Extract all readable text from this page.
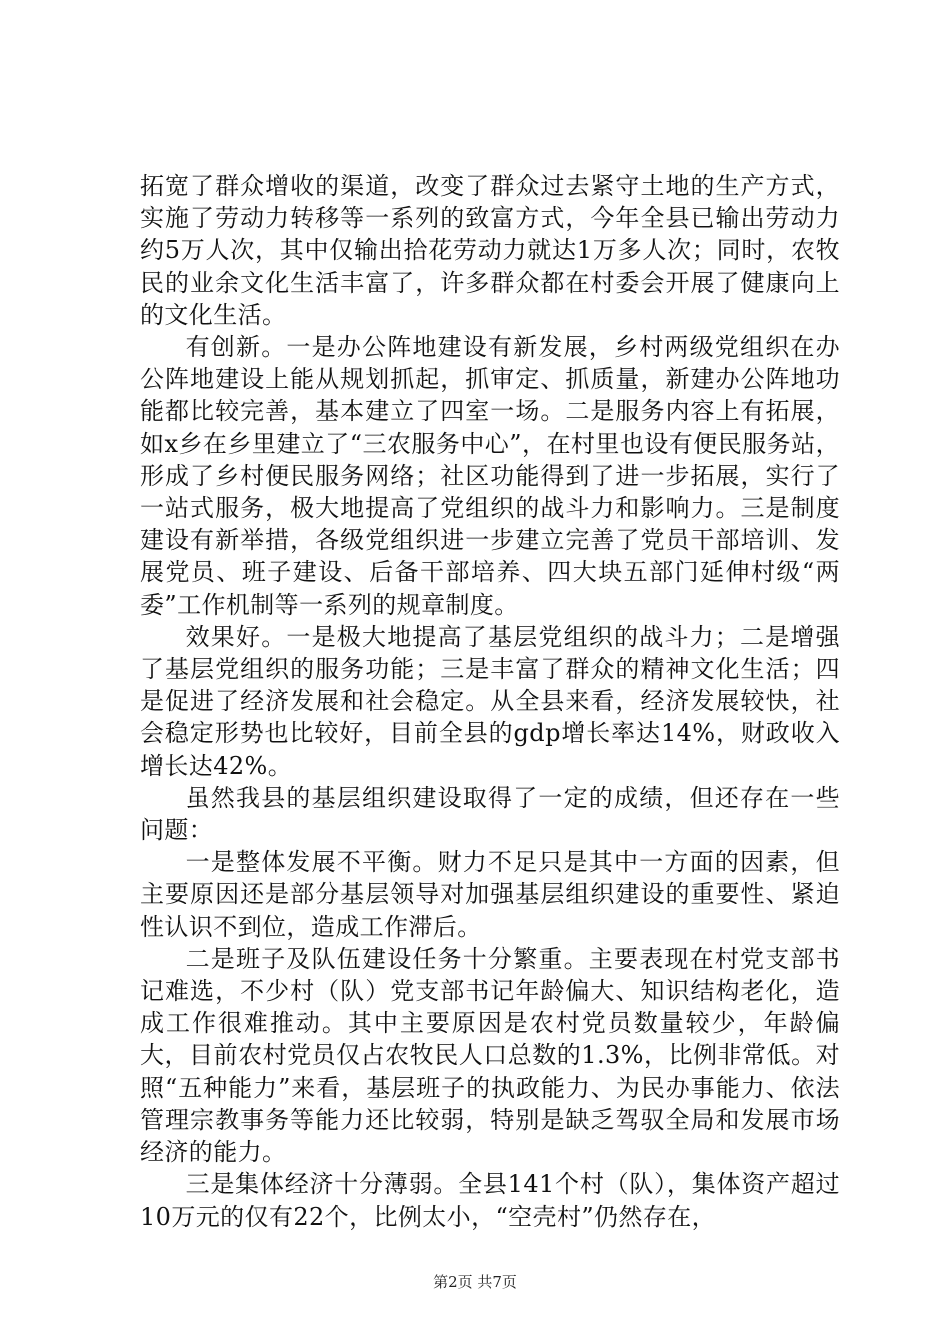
拓宽了群众增收的渠道，改变了群众过去紧守土地的生产方式，实施了劳动力转移等一系列的致富方式，今年全县已输出劳动力约5万人次，其中仅输出拾花劳动力就达1万多人次；同时，农牧民的业余文化生活丰富了，许多群众都在村委会开展了健康向上的文化生活。

有创新。一是办公阵地建设有新发展，乡村两级党组织在办公阵地建设上能从规划抓起，抓审定、抓质量，新建办公阵地功能都比较完善，基本建立了四室一场。二是服务内容上有拓展，如x乡在乡里建立了“三农服务中心”，在村里也设有便民服务站，形成了乡村便民服务网络；社区功能得到了进一步拓展，实行了一站式服务，极大地提高了党组织的战斗力和影响力。三是制度建设有新举措，各级党组织进一步建立完善了党员干部培训、发展党员、班子建设、后备干部培养、四大块五部门延伸村级“两委”工作机制等一系列的规章制度。

效果好。一是极大地提高了基层党组织的战斗力；二是增强了基层党组织的服务功能；三是丰富了群众的精神文化生活；四是促进了经济发展和社会稳定。从全县来看，经济发展较快，社会稳定形势也比较好，目前全县的gdp增长率达14%，财政收入增长达42%。

虽然我县的基层组织建设取得了一定的成绩，但还存在一些问题：

一是整体发展不平衡。财力不足只是其中一方面的因素，但主要原因还是部分基层领导对加强基层组织建设的重要性、紧迫性认识不到位，造成工作滞后。

二是班子及队伍建设任务十分繁重。主要表现在村党支部书记难选，不少村（队）党支部书记年龄偏大、知识结构老化，造成工作很难推动。其中主要原因是农村党员数量较少，年龄偏大，目前农村党员仅占农牧民人口总数的1.3%，比例非常低。对照“五种能力”来看，基层班子的执政能力、为民办事能力、依法管理宗教事务等能力还比较弱，特别是缺乏驾驭全局和发展市场经济的能力。

三是集体经济十分薄弱。全县141个村（队），集体资产超过10万元的仅有22个，比例太小，“空壳村”仍然存在，

第2页 共7页
